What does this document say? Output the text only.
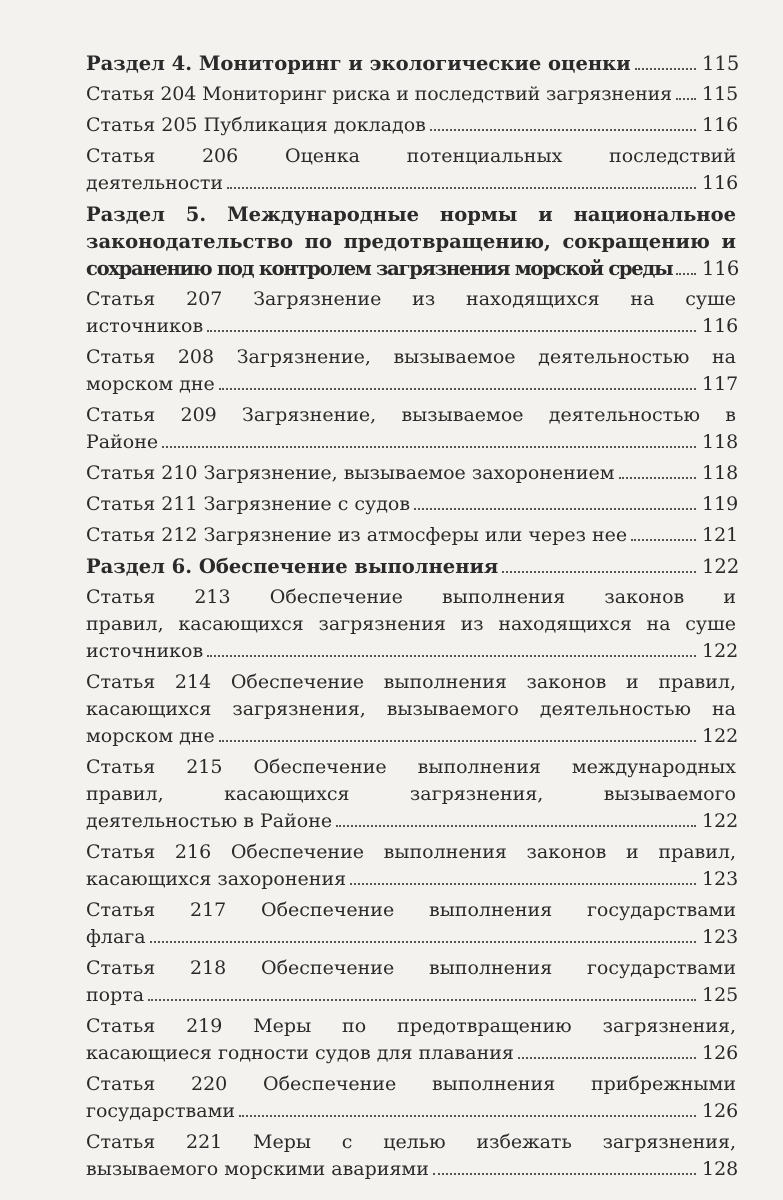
Раздел 4. Мониторинг и экологические оценки	115
Статья 204 Мониторинг риска и последствий загрязнения 115
Статья 205 Публикация докладов	116
Статья 206 Оценка потенциальных последствий
деятельности	116
Раздел 5. Международные нормы и национальное
законодательство по предотвращению, сокращению и
сохранению под контролем загрязнения морской среды 116
Статья 207 Загрязнение из находящихся на суше
источников	116
Статья 208 Загрязнение, вызываемое деятельностью на
морском дне	117
Статья 209 Загрязнение, вызываемое деятельностью в
Районе	118
Статья 210 Загрязнение, вызываемое захоронением	118
Статья 211 Загрязнение с судов	119
Статья 212 Загрязнение из атмосферы или через нее	121
Раздел 6. Обеспечение выполнения	122
Статья 213 Обеспечение выполнения законов и
правил, касающихся загрязнения из находящихся на суше
источников	122
Статья 214 Обеспечение выполнения законов и правил,
касающихся загрязнения, вызываемого деятельностью на
морском дне	122
Статья 215 Обеспечение выполнения международных
правил, касающихся загрязнения, вызываемого
деятельностью в Районе	122
Статья 216 Обеспечение выполнения законов и правил,
касающихся захоронения	123
Статья 217 Обеспечение выполнения государствами
флага	123
Статья 218 Обеспечение выполнения государствами
порта	125
Статья 219 Меры по предотвращению загрязнения,
касающиеся годности судов для плавания	126
Статья 220 Обеспечение выполнения прибрежными
государствами	126
Статья 221 Меры с целью избежать загрязнения,
вызываемого морскими авариями	128
